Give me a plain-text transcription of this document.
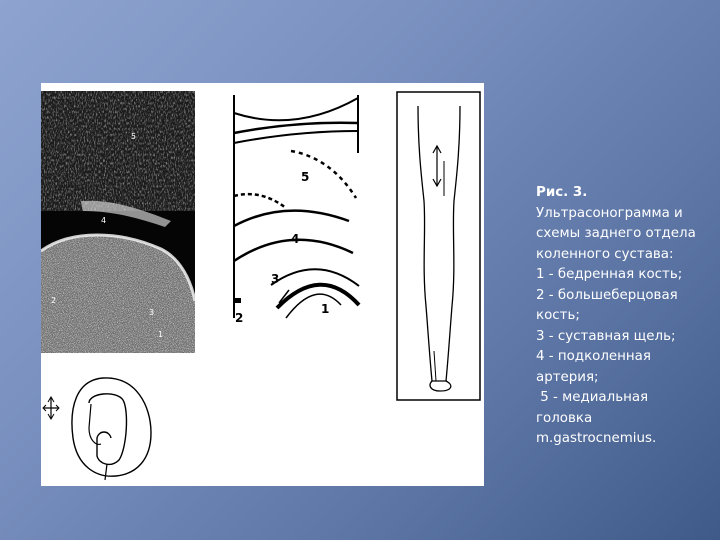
5
4
2
3
1
5
4
3
2
1
Рис. 3.
Ультрасонограмма и
схемы заднего отдела
коленного сустава:
1 - бедренная кость;
2 - большеберцовая
кость;
3 - суставная щель;
4 - подколенная
артерия;
5 - медиальная
головка
m.gastrocnemius.
